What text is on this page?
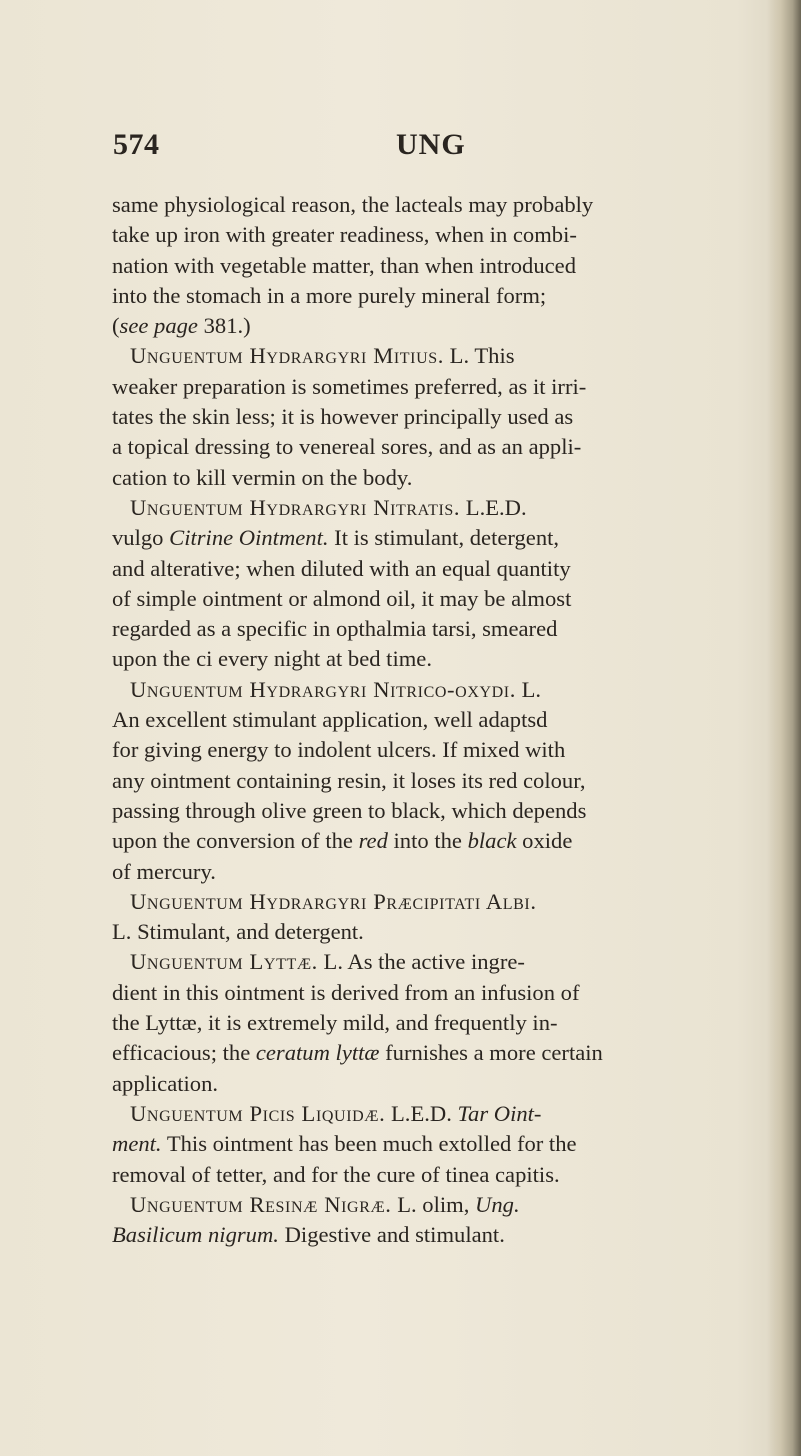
574	UNG
same physiological reason, the lacteals may probably
take up iron with greater readiness, when in combi-
nation with vegetable matter, than when introduced
into the stomach in a more purely mineral form;
(see page 381.)
Unguentum Hydrargyri Mitius. L. This
weaker preparation is sometimes preferred, as it irri-
tates the skin less; it is however principally used as
a topical dressing to venereal sores, and as an appli-
cation to kill vermin on the body.
Unguentum Hydrargyri Nitratis. L.E.D.
vulgo Citrine Ointment. It is stimulant, detergent,
and alterative; when diluted with an equal quantity
of simple ointment or almond oil, it may be almost
regarded as a specific in opthalmia tarsi, smeared
upon the ci every night at bed time.
Unguentum Hydrargyri Nitrico-oxydi. L.
An excellent stimulant application, well adaptsd
for giving energy to indolent ulcers. If mixed with
any ointment containing resin, it loses its red colour,
passing through olive green to black, which depends
upon the conversion of the red into the black oxide
of mercury.
Unguentum Hydrargyri Præcipitati Albi.
L. Stimulant, and detergent.
Unguentum Lyttæ. L. As the active ingre-
dient in this ointment is derived from an infusion of
the Lyttæ, it is extremely mild, and frequently in-
efficacious; the ceratum lyttæ furnishes a more certain
application.
Unguentum Picis Liquidæ. L.E.D. Tar Oint-
ment. This ointment has been much extolled for the
removal of tetter, and for the cure of tinea capitis.
Unguentum Resinæ Nigræ. L. olim, Ung.
Basilicum nigrum. Digestive and stimulant.
